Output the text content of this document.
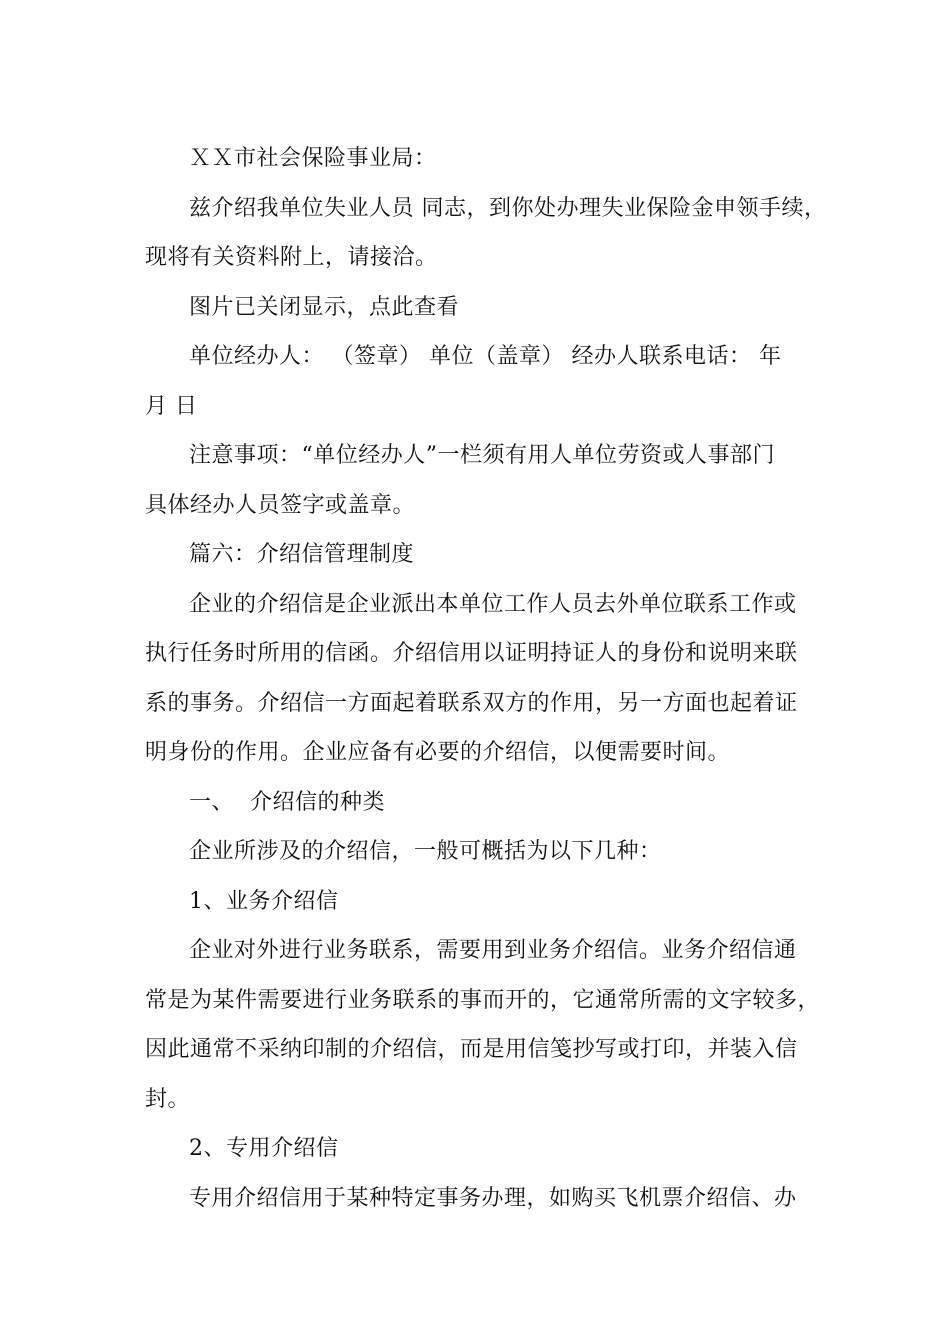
ＸＸ市社会保险事业局：
兹介绍我单位失业人员 同志，到你处办理失业保险金申领手续，
现将有关资料附上，请接洽。
图片已关闭显示，点此查看
单位经办人： （签章） 单位（盖章） 经办人联系电话： 年
月 日
注意事项：“单位经办人”一栏须有用人单位劳资或人事部门
具体经办人员签字或盖章。
篇六：介绍信管理制度
企业的介绍信是企业派出本单位工作人员去外单位联系工作或
执行任务时所用的信函。介绍信用以证明持证人的身份和说明来联
系的事务。介绍信一方面起着联系双方的作用，另一方面也起着证
明身份的作用。企业应备有必要的介绍信，以便需要时间。
一、 介绍信的种类
企业所涉及的介绍信，一般可概括为以下几种：
1、业务介绍信
企业对外进行业务联系，需要用到业务介绍信。业务介绍信通
常是为某件需要进行业务联系的事而开的，它通常所需的文字较多，
因此通常不采纳印制的介绍信，而是用信笺抄写或打印，并装入信
封。
2、专用介绍信
专用介绍信用于某种特定事务办理，如购买飞机票介绍信、办
